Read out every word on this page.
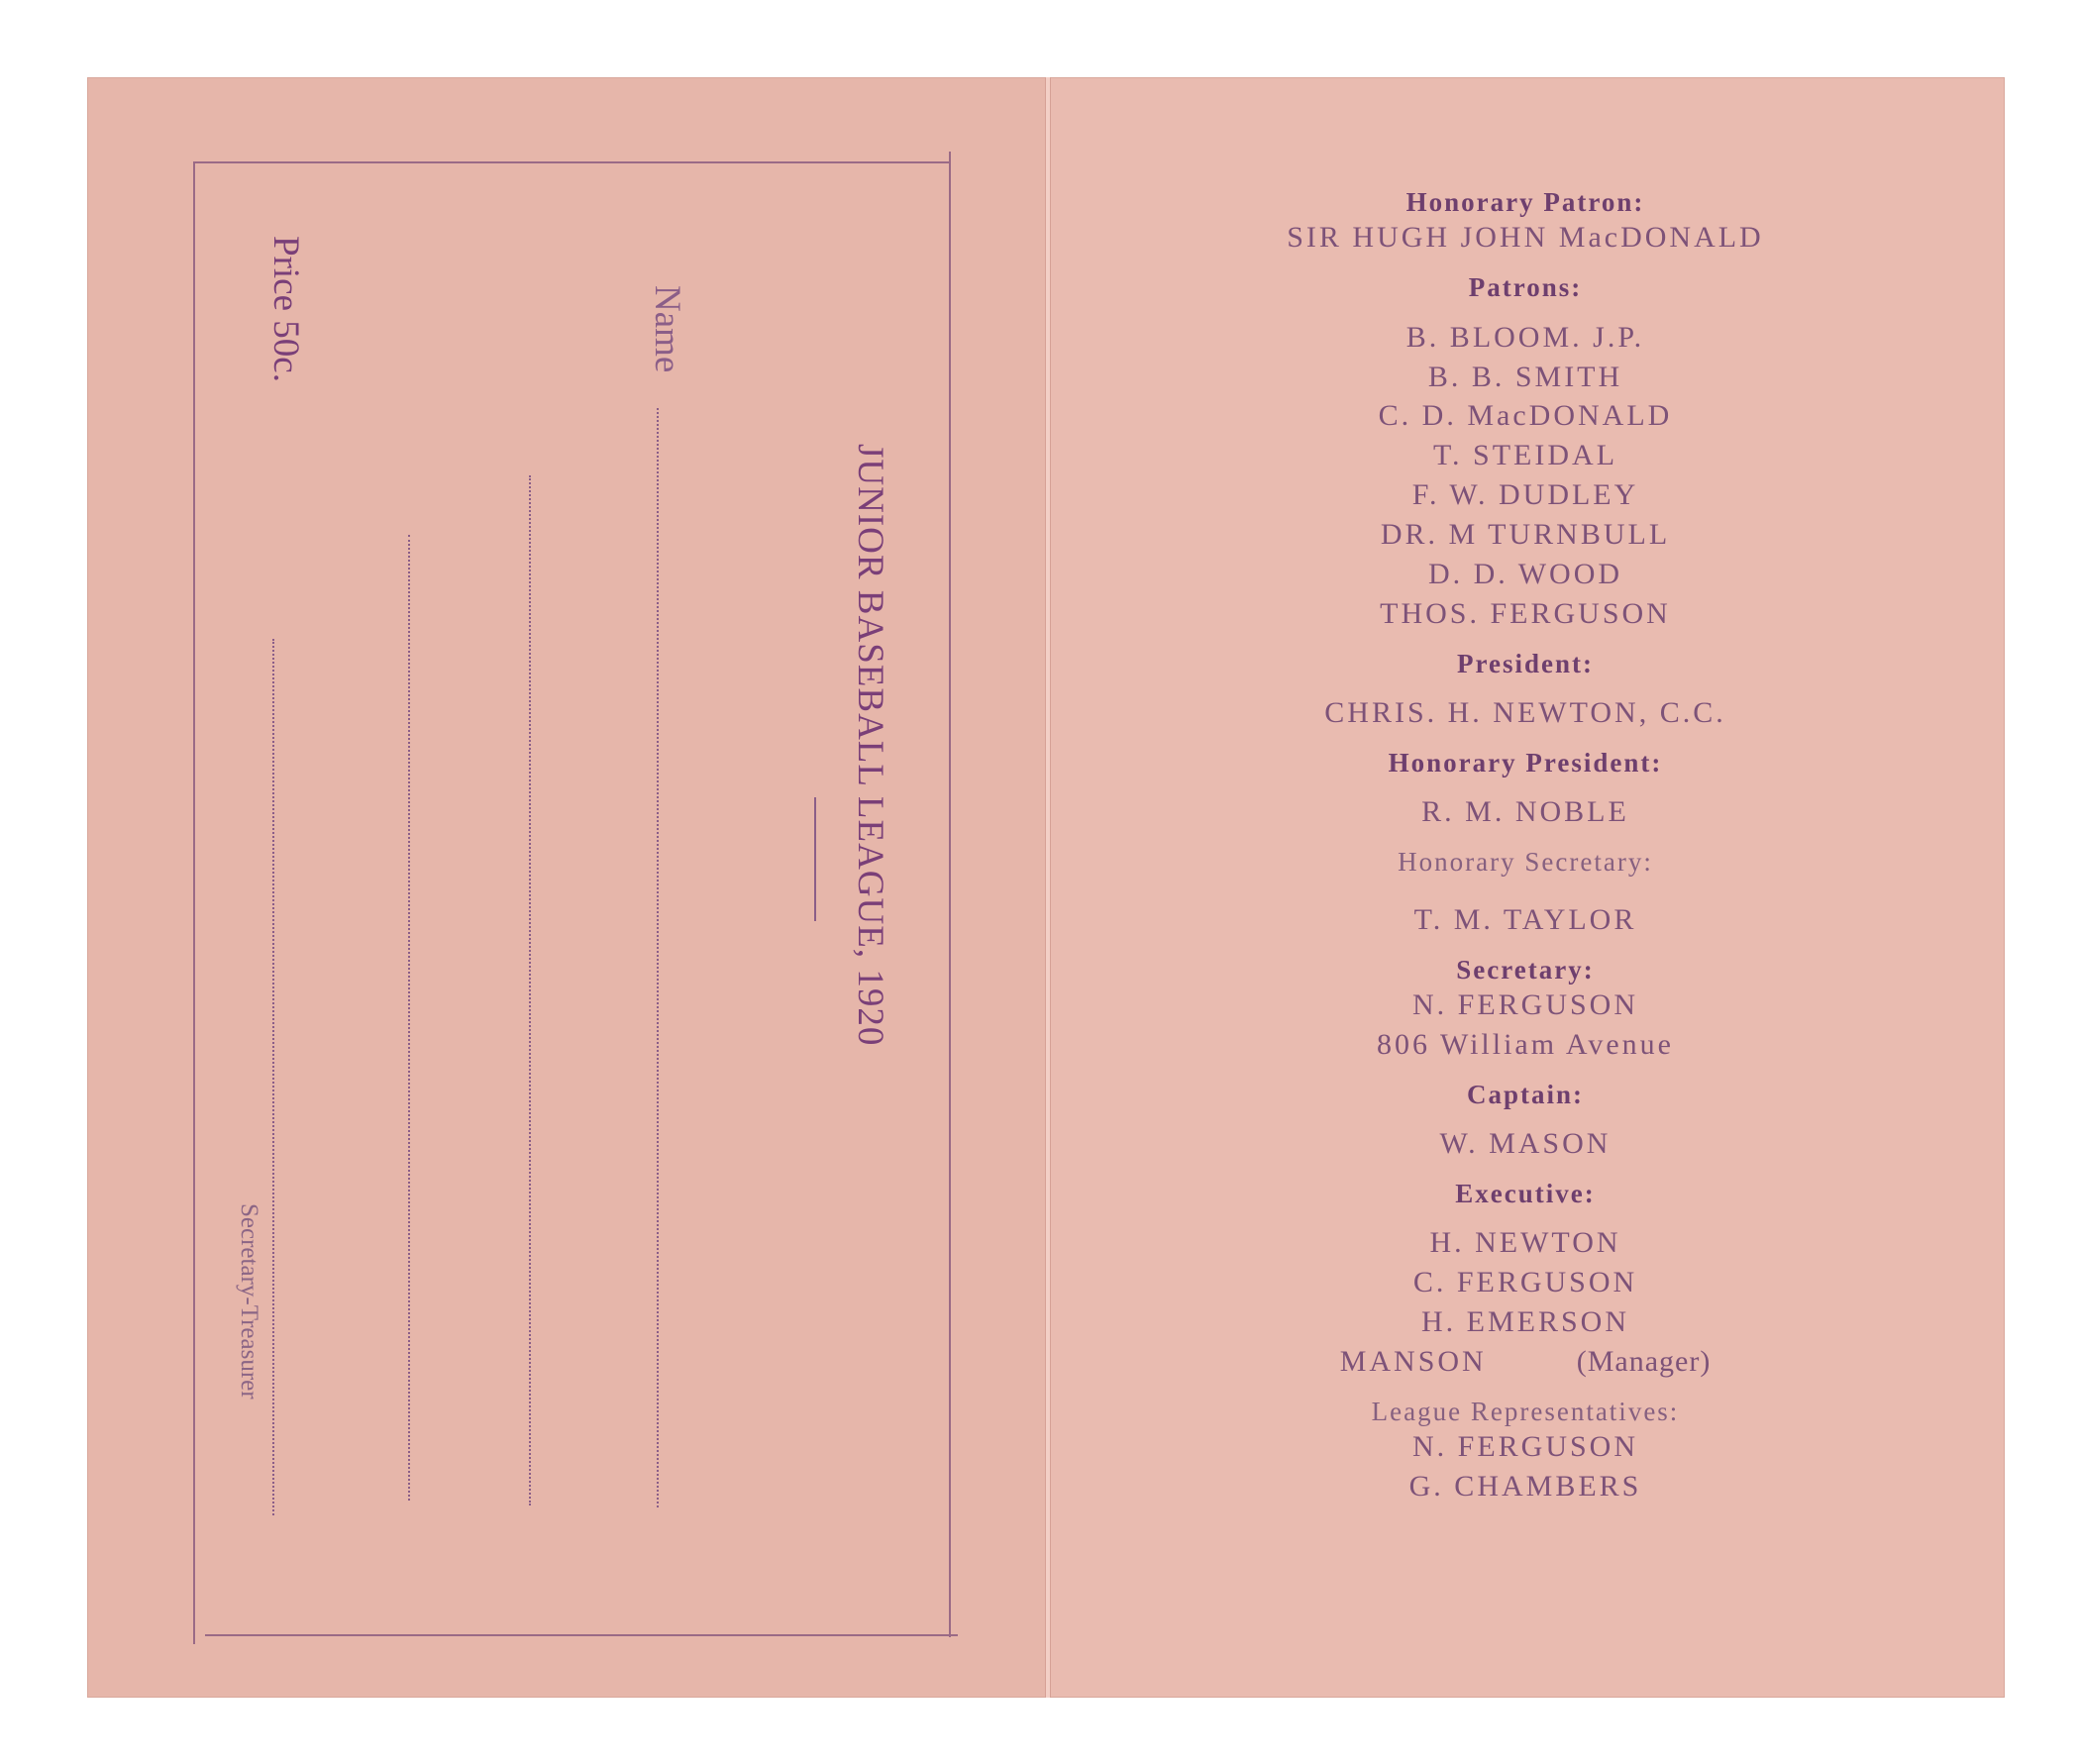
JUNIOR BASEBALL LEAGUE, 1920
Name
Price 50c.
Secretary-Treasurer

Honorary Patron:

SIR HUGH JOHN MacDONALD

Patrons:

B. BLOOM. J.P.

B. B. SMITH

C. D. MacDONALD

T. STEIDAL

F. W. DUDLEY

DR. M TURNBULL

D. D. WOOD

THOS. FERGUSON

President:

CHRIS. H. NEWTON, C.C.

Honorary President:

R. M. NOBLE

Honorary Secretary:

T. M. TAYLOR

Secretary:

N. FERGUSON

806 William Avenue

Captain:

W. MASON

Executive:

H. NEWTON

C. FERGUSON

H. EMERSON

MANSON	(Manager)

League Representatives:

N. FERGUSON

G. CHAMBERS
